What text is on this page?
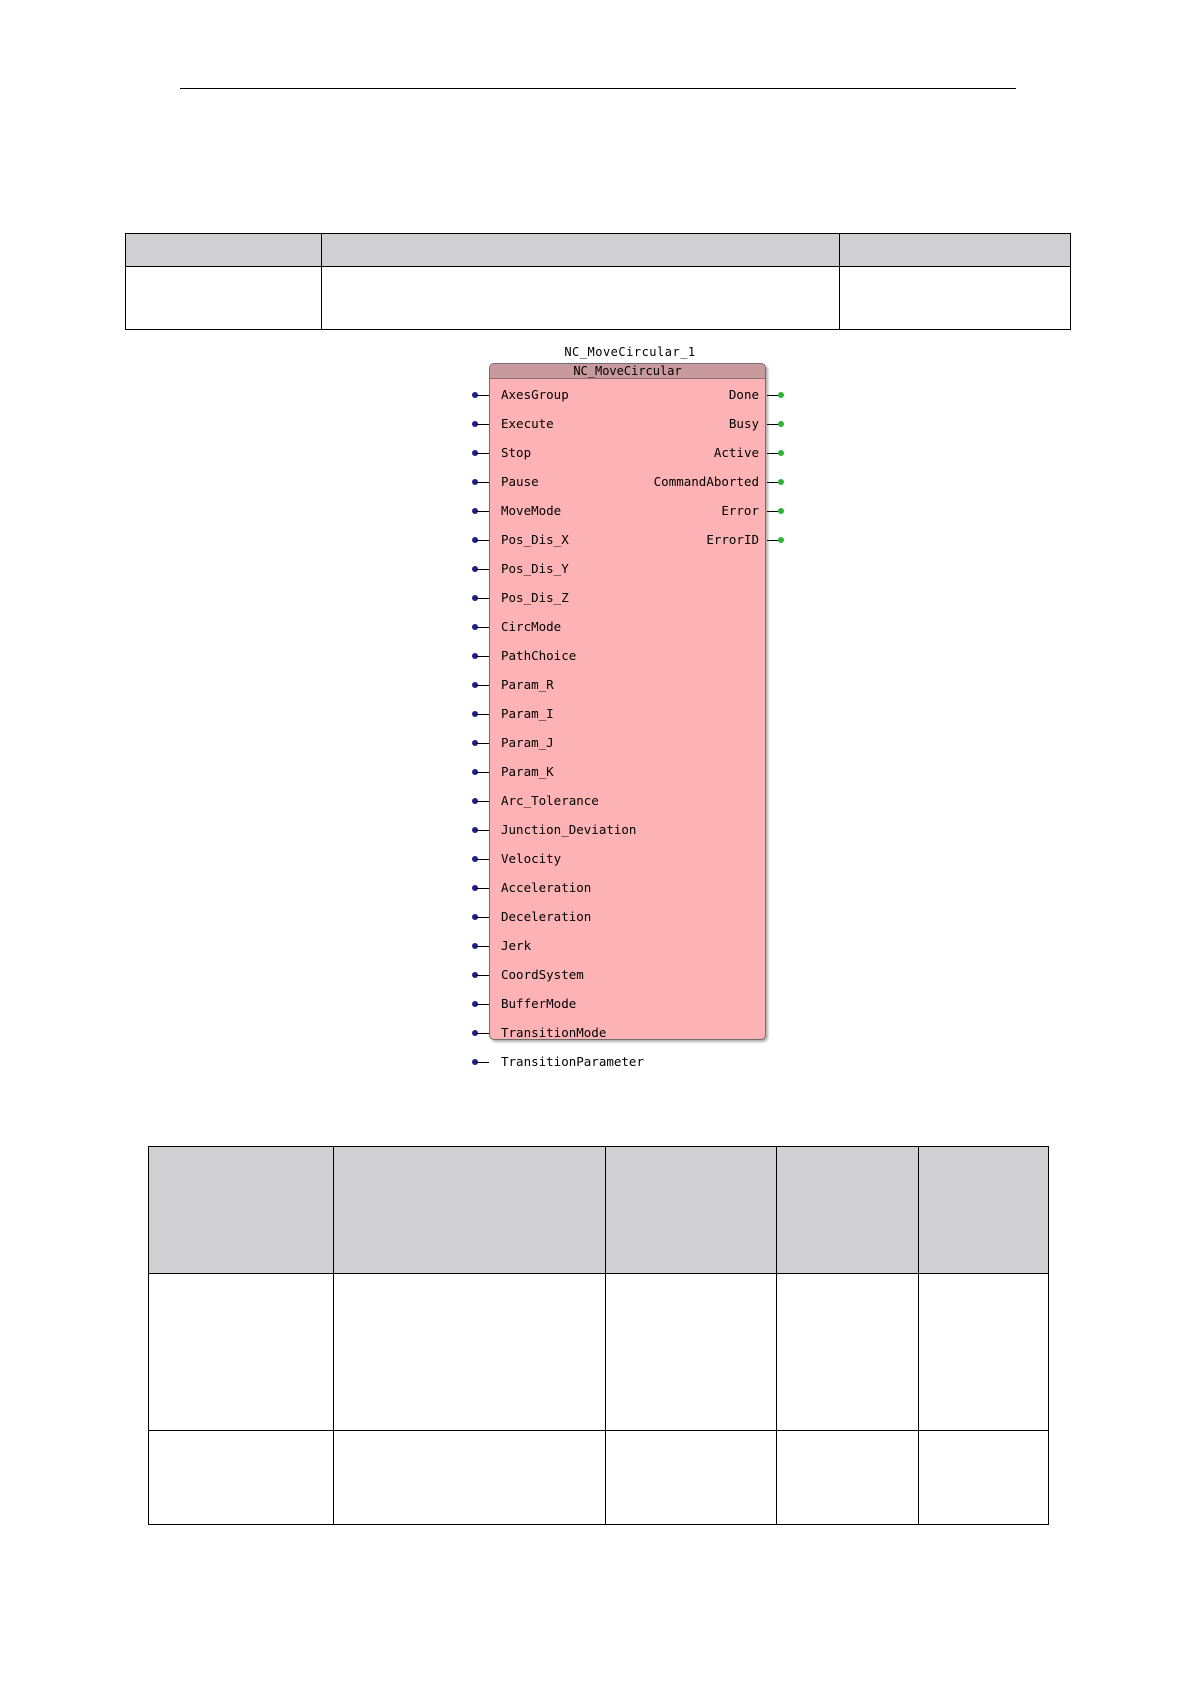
NC_MoveCircular_1
NC_MoveCircular
AxesGroup
Execute
Stop
Pause
MoveMode
Pos_Dis_X
Pos_Dis_Y
Pos_Dis_Z
CircMode
PathChoice
Param_R
Param_I
Param_J
Param_K
Arc_Tolerance
Junction_Deviation
Velocity
Acceleration
Deceleration
Jerk
CoordSystem
BufferMode
TransitionMode
TransitionParameter
Done
Busy
Active
CommandAborted
Error
ErrorID
